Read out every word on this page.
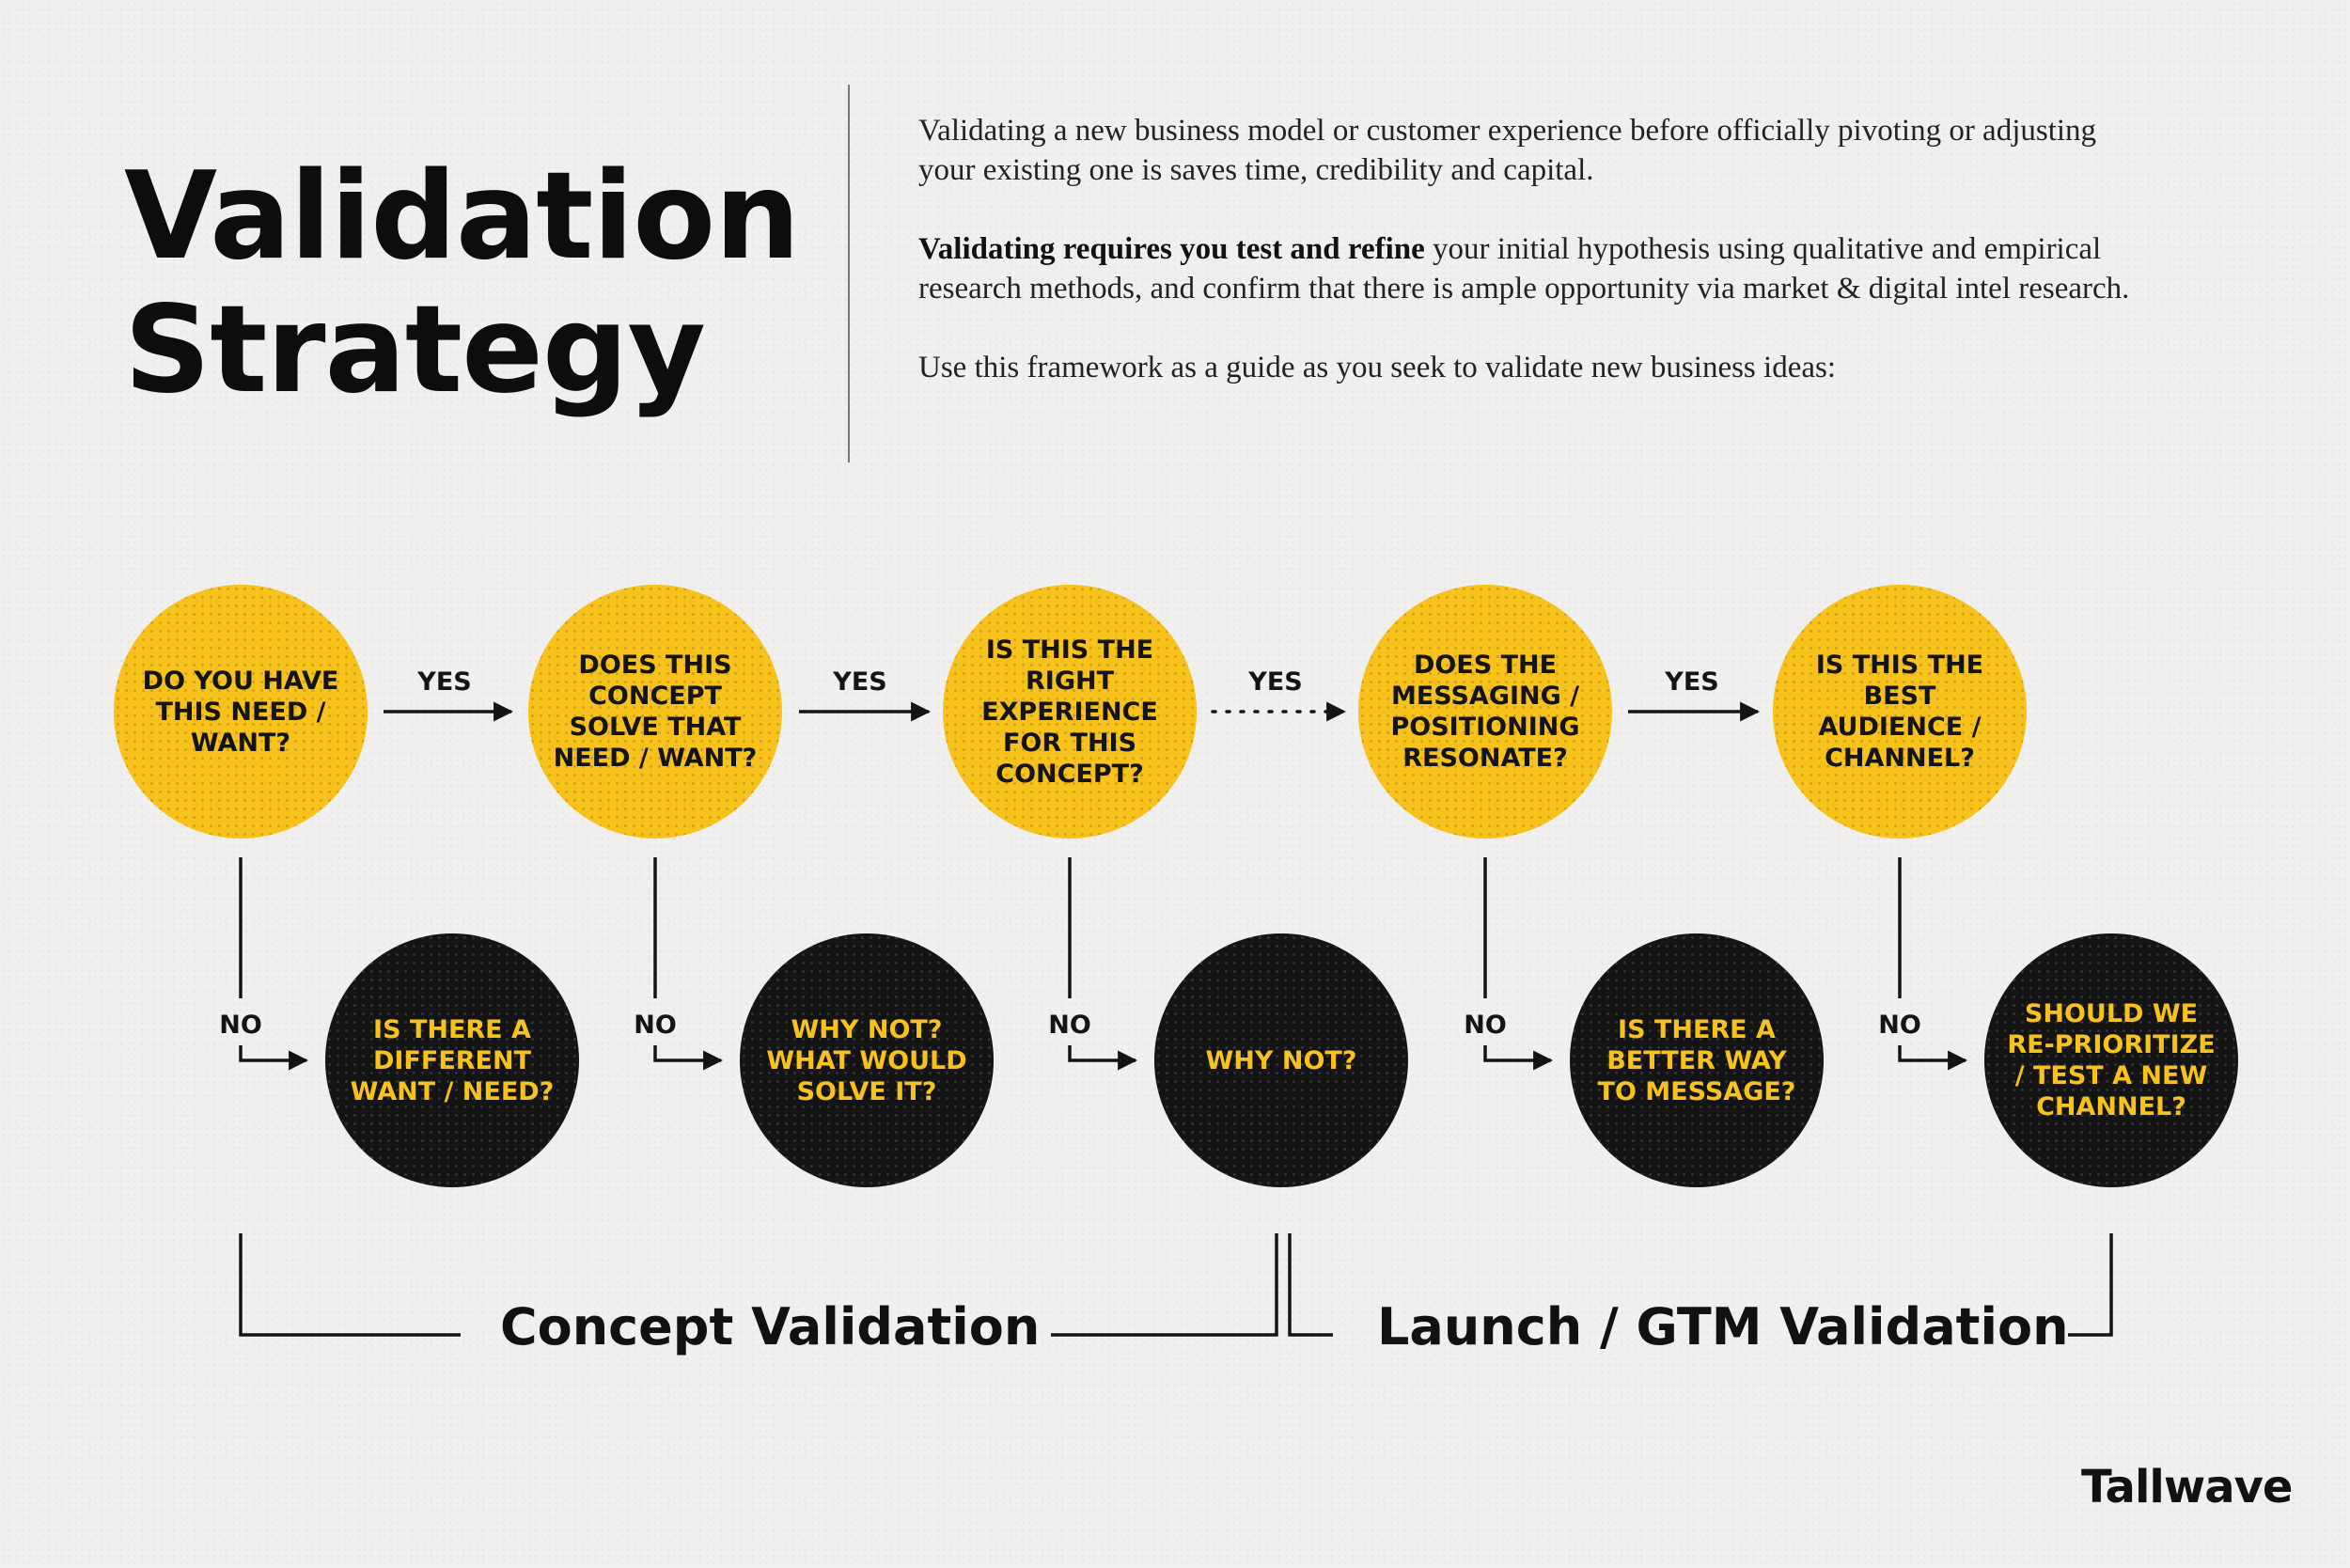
Validation
Strategy

Validating a new business model or customer experience before officially pivoting or adjusting your existing one is saves time, credibility and capital.

Validating requires you test and refine your initial hypothesis using qualitative and empirical research methods, and confirm that there is ample opportunity via market & digital intel research.

Use this framework as a guide as you seek to validate new business ideas:

DO YOU HAVE THIS NEED / WANT?
DOES THIS CONCEPT SOLVE THAT NEED / WANT?
IS THIS THE RIGHT EXPERIENCE FOR THIS CONCEPT?
DOES THE MESSAGING / POSITIONING RESONATE?
IS THIS THE BEST AUDIENCE / CHANNEL?
IS THERE A DIFFERENT WANT / NEED?
WHY NOT? WHAT WOULD SOLVE IT?
WHY NOT?
IS THERE A BETTER WAY TO MESSAGE?
SHOULD WE RE-PRIORITIZE / TEST A NEW CHANNEL?
YES	YES	YES	YES
NO	NO	NO	NO	NO
Concept Validation	Launch / GTM Validation
Tallwave
